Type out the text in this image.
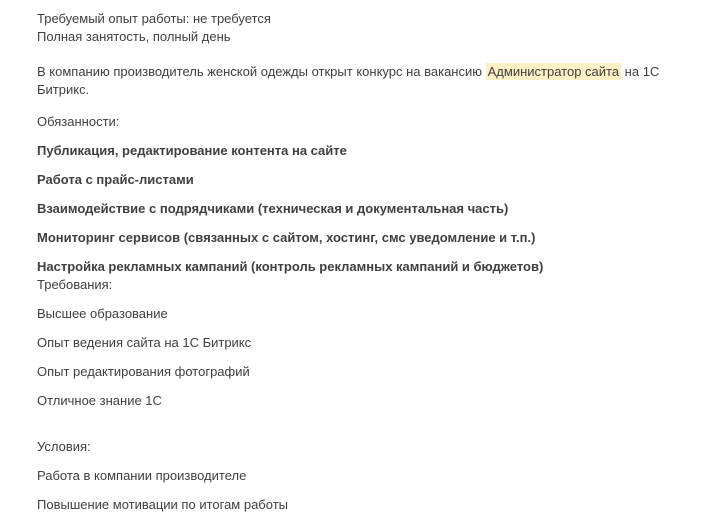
Требуемый опыт работы: не требуется
Полная занятость, полный день

В компанию производитель женской одежды открыт конкурс на вакансию Администратор сайта на 1С Битрикс.

Обязанности:

Публикация, редактирование контента на сайте

Работа с прайс-листами

Взаимодействие с подрядчиками (техническая и документальная часть)

Мониторинг сервисов (связанных с сайтом, хостинг, смс уведомление и т.п.)

Настройка рекламных кампаний (контроль рекламных кампаний и бюджетов)

Требования:

Высшее образование

Опыт ведения сайта на 1С Битрикс

Опыт редактирования фотографий

Отличное знание 1С

Условия:

Работа в компании производителе

Повышение мотивации по итогам работы
